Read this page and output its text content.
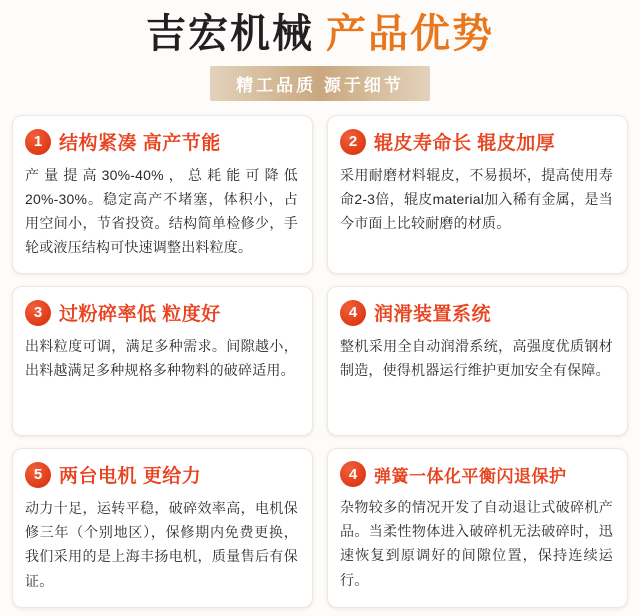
吉宏机械 产品优势
精工品质 源于细节
1 结构紧凑 高产节能
产量提高30%-40%，总耗能可降低20%-30%。稳定高产不堵塞，体积小，占用空间小，节省投资。结构简单检修少，手轮或液压结构可快速调整出料粒度。
2 辊皮寿命长 辊皮加厚
采用耐磨材料辊皮，不易损坏，提高使用寿命2-3倍，辊皮material加入稀有金属，是当今市面上比较耐磨的材质。
3 过粉碎率低 粒度好
出料粒度可调，满足多种需求。间隙越小，出料越满足多种规格多种物料的破碎适用。
4 润滑装置系统
整机采用全自动润滑系统，高强度优质钢材制造，使得机器运行维护更加安全有保障。
5 两台电机 更给力
动力十足，运转平稳，破碎效率高，电机保修三年（个别地区），保修期内免费更换，我们采用的是上海丰扬电机，质量售后有保证。
4 弹簧一体化平衡闪退保护
杂物较多的情况开发了自动退让式破碎机产品。当柔性物体进入破碎机无法破碎时，迅速恢复到原调好的间隙位置，保持连续运行。
